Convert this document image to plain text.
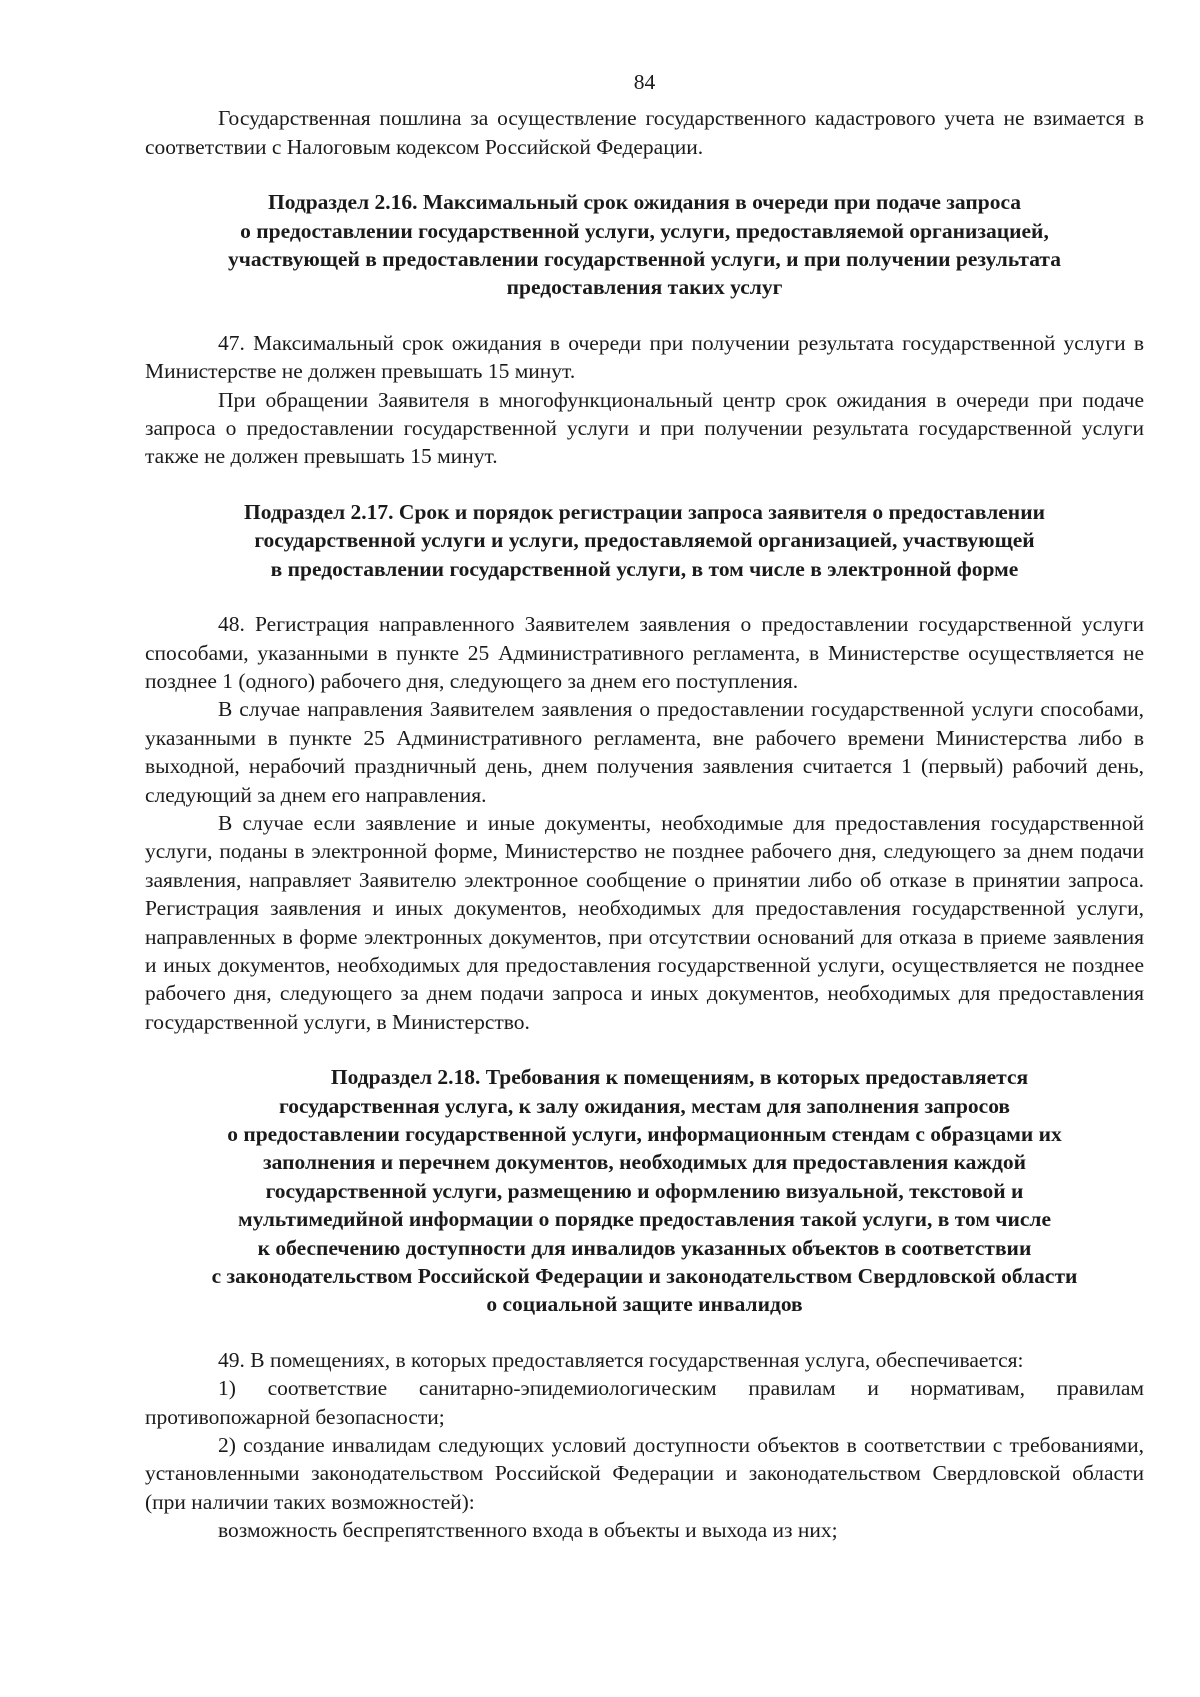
84

Государственная пошлина за осуществление государственного кадастрового учета не взимается в соответствии с Налоговым кодексом Российской Федерации.

Подраздел 2.16. Максимальный срок ожидания в очереди при подаче запроса
о предоставлении государственной услуги, услуги, предоставляемой организацией,
участвующей в предоставлении государственной услуги, и при получении результата
предоставления таких услуг

47. Максимальный срок ожидания в очереди при получении результата государственной услуги в Министерстве не должен превышать 15 минут.

При обращении Заявителя в многофункциональный центр срок ожидания в очереди при подаче запроса о предоставлении государственной услуги и при получении результата государственной услуги также не должен превышать 15 минут.

Подраздел 2.17. Срок и порядок регистрации запроса заявителя о предоставлении
государственной услуги и услуги, предоставляемой организацией, участвующей
в предоставлении государственной услуги, в том числе в электронной форме

48. Регистрация направленного Заявителем заявления о предоставлении государственной услуги способами, указанными в пункте 25 Административного регламента, в Министерстве осуществляется не позднее 1 (одного) рабочего дня, следующего за днем его поступления.

В случае направления Заявителем заявления о предоставлении государственной услуги способами, указанными в пункте 25 Административного регламента, вне рабочего времени Министерства либо в выходной, нерабочий праздничный день, днем получения заявления считается 1 (первый) рабочий день, следующий за днем его направления.

В случае если заявление и иные документы, необходимые для предоставления государственной услуги, поданы в электронной форме, Министерство не позднее рабочего дня, следующего за днем подачи заявления, направляет Заявителю электронное сообщение о принятии либо об отказе в принятии запроса. Регистрация заявления и иных документов, необходимых для предоставления государственной услуги, направленных в форме электронных документов, при отсутствии оснований для отказа в приеме заявления и иных документов, необходимых для предоставления государственной услуги, осуществляется не позднее рабочего дня, следующего за днем подачи запроса и иных документов, необходимых для предоставления государственной услуги, в Министерство.

Подраздел 2.18. Требования к помещениям, в которых предоставляется
государственная услуга, к залу ожидания, местам для заполнения запросов
о предоставлении государственной услуги, информационным стендам с образцами их
заполнения и перечнем документов, необходимых для предоставления каждой
государственной услуги, размещению и оформлению визуальной, текстовой и
мультимедийной информации о порядке предоставления такой услуги, в том числе
к обеспечению доступности для инвалидов указанных объектов в соответствии
с законодательством Российской Федерации и законодательством Свердловской области
о социальной защите инвалидов

49. В помещениях, в которых предоставляется государственная услуга, обеспечивается:

1) соответствие санитарно-эпидемиологическим правилам и нормативам, правилам противопожарной безопасности;

2) создание инвалидам следующих условий доступности объектов в соответствии с требованиями, установленными законодательством Российской Федерации и законодательством Свердловской области (при наличии таких возможностей):

возможность беспрепятственного входа в объекты и выхода из них;
